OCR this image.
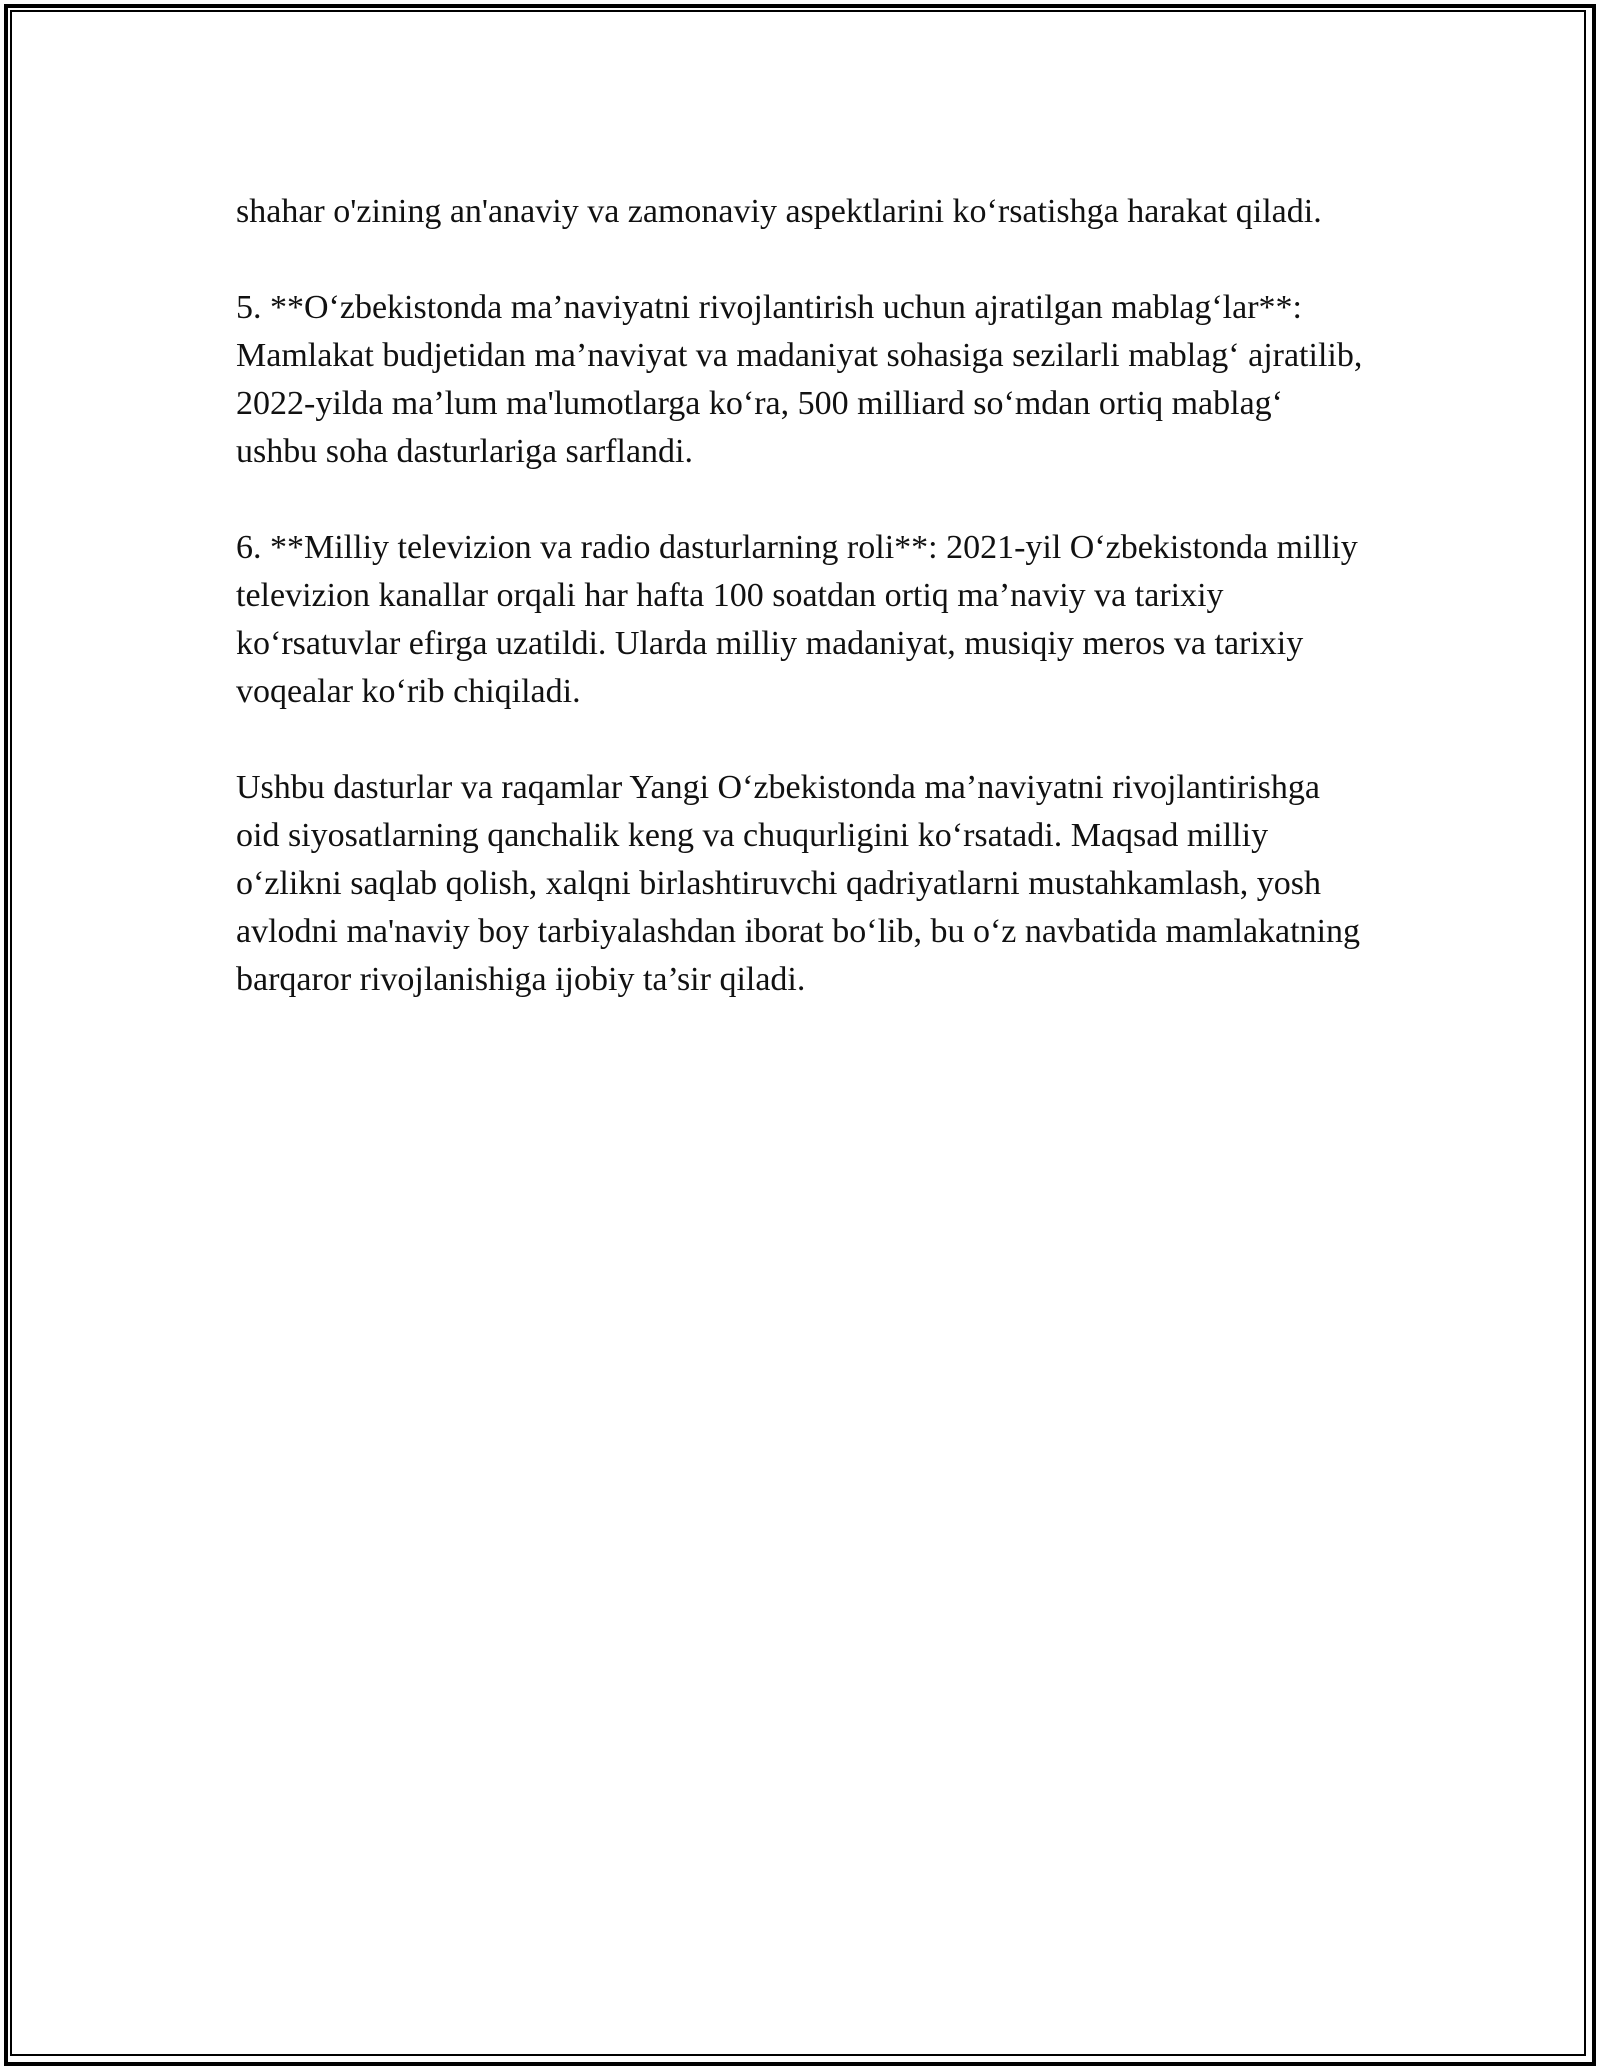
shahar o'zining an'anaviy va zamonaviy aspektlarini ko‘rsatishga harakat qiladi.

5. **O‘zbekistonda ma’naviyatni rivojlantirish uchun ajratilgan mablag‘lar**: Mamlakat budjetidan ma’naviyat va madaniyat sohasiga sezilarli mablag‘ ajratilib, 2022-yilda ma’lum ma'lumotlarga ko‘ra, 500 milliard so‘mdan ortiq mablag‘ ushbu soha dasturlariga sarflandi.

6. **Milliy televizion va radio dasturlarning roli**: 2021-yil O‘zbekistonda milliy televizion kanallar orqali har hafta 100 soatdan ortiq ma’naviy va tarixiy ko‘rsatuvlar efirga uzatildi. Ularda milliy madaniyat, musiqiy meros va tarixiy voqealar ko‘rib chiqiladi.

Ushbu dasturlar va raqamlar Yangi O‘zbekistonda ma’naviyatni rivojlantirishga oid siyosatlarning qanchalik keng va chuqurligini ko‘rsatadi. Maqsad milliy o‘zlikni saqlab qolish, xalqni birlashtiruvchi qadriyatlarni mustahkamlash, yosh avlodni ma'naviy boy tarbiyalashdan iborat bo‘lib, bu o‘z navbatida mamlakatning barqaror rivojlanishiga ijobiy ta’sir qiladi.
